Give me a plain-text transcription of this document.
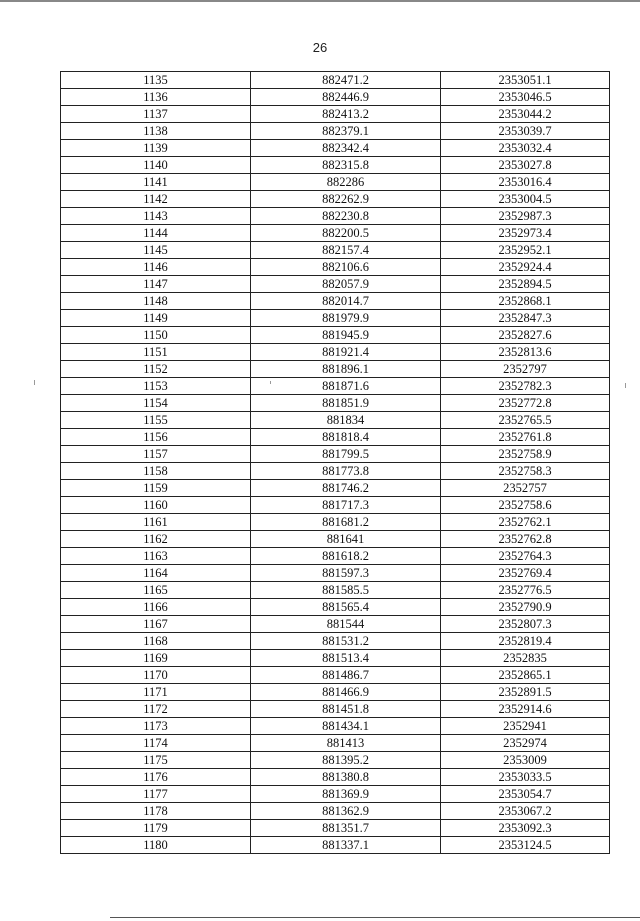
26
1135	882471.2	2353051.1
1136	882446.9	2353046.5
1137	882413.2	2353044.2
1138	882379.1	2353039.7
1139	882342.4	2353032.4
1140	882315.8	2353027.8
1141	882286	2353016.4
1142	882262.9	2353004.5
1143	882230.8	2352987.3
1144	882200.5	2352973.4
1145	882157.4	2352952.1
1146	882106.6	2352924.4
1147	882057.9	2352894.5
1148	882014.7	2352868.1
1149	881979.9	2352847.3
1150	881945.9	2352827.6
1151	881921.4	2352813.6
1152	881896.1	2352797
1153	881871.6	2352782.3
1154	881851.9	2352772.8
1155	881834	2352765.5
1156	881818.4	2352761.8
1157	881799.5	2352758.9
1158	881773.8	2352758.3
1159	881746.2	2352757
1160	881717.3	2352758.6
1161	881681.2	2352762.1
1162	881641	2352762.8
1163	881618.2	2352764.3
1164	881597.3	2352769.4
1165	881585.5	2352776.5
1166	881565.4	2352790.9
1167	881544	2352807.3
1168	881531.2	2352819.4
1169	881513.4	2352835
1170	881486.7	2352865.1
1171	881466.9	2352891.5
1172	881451.8	2352914.6
1173	881434.1	2352941
1174	881413	2352974
1175	881395.2	2353009
1176	881380.8	2353033.5
1177	881369.9	2353054.7
1178	881362.9	2353067.2
1179	881351.7	2353092.3
1180	881337.1	2353124.5
